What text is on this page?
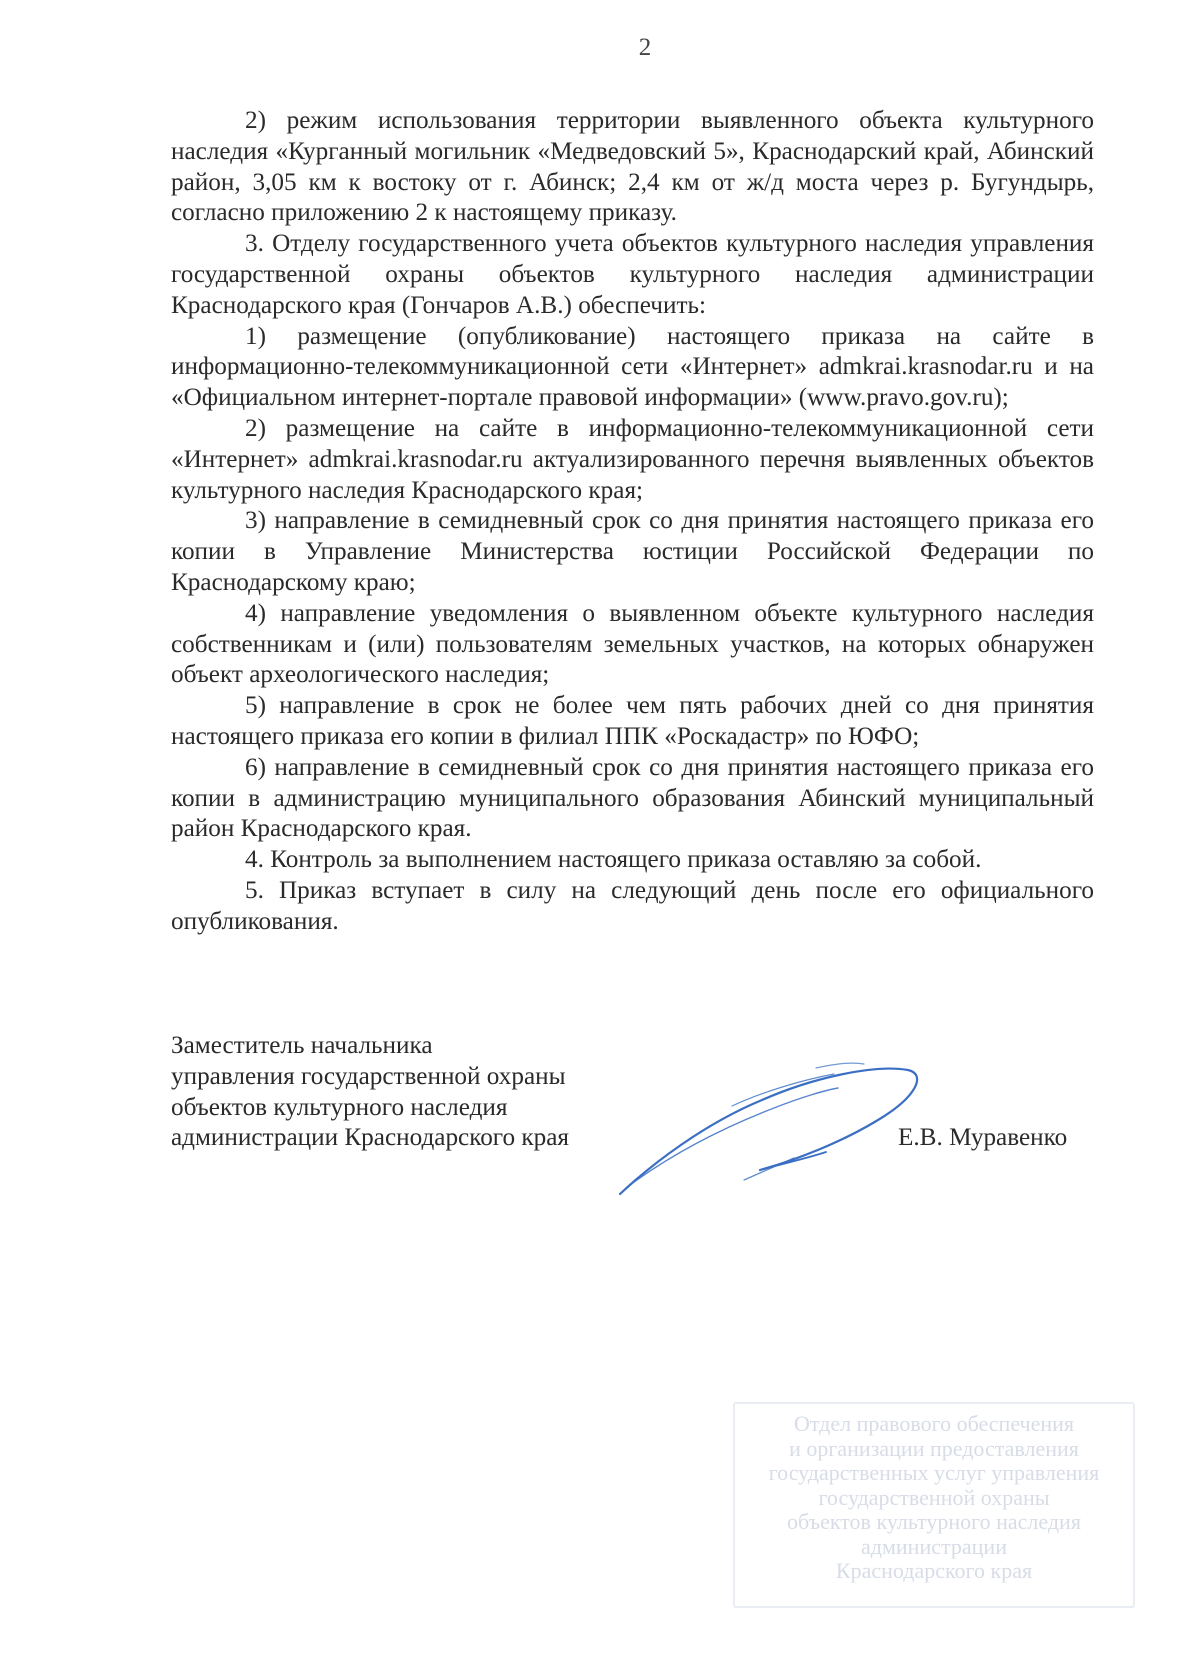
2

2) режим использования территории выявленного объекта культурного наследия «Курганный могильник «Медведовский 5», Краснодарский край, Абинский район, 3,05 км к востоку от г. Абинск; 2,4 км от ж/д моста через р. Бугундырь, согласно приложению 2 к настоящему приказу.

3. Отделу государственного учета объектов культурного наследия управления государственной охраны объектов культурного наследия администрации Краснодарского края (Гончаров А.В.) обеспечить:

1) размещение (опубликование) настоящего приказа на сайте в информационно-телекоммуникационной сети «Интернет» admkrai.krasnodar.ru и на «Официальном интернет-портале правовой информации» (www.pravo.gov.ru);

2) размещение на сайте в информационно-телекоммуникационной сети «Интернет» admkrai.krasnodar.ru актуализированного перечня выявленных объектов культурного наследия Краснодарского края;

3) направление в семидневный срок со дня принятия настоящего приказа его копии в Управление Министерства юстиции Российской Федерации по Краснодарскому краю;

4) направление уведомления о выявленном объекте культурного наследия собственникам и (или) пользователям земельных участков, на которых обнаружен объект археологического наследия;

5) направление в срок не более чем пять рабочих дней со дня принятия настоящего приказа его копии в филиал ППК «Роскадастр» по ЮФО;

6) направление в семидневный срок со дня принятия настоящего приказа его копии в администрацию муниципального образования Абинский муниципальный район Краснодарского края.

4. Контроль за выполнением настоящего приказа оставляю за собой.

5. Приказ вступает в силу на следующий день после его официального опубликования.

Заместитель начальника
управления государственной охраны
объектов культурного наследия
администрации Краснодарского края	Е.В. Муравенко
Отдел правового обеспечения
и организации предоставления
государственных услуг управления
государственной охраны
объектов культурного наследия
администрации
Краснодарского края
